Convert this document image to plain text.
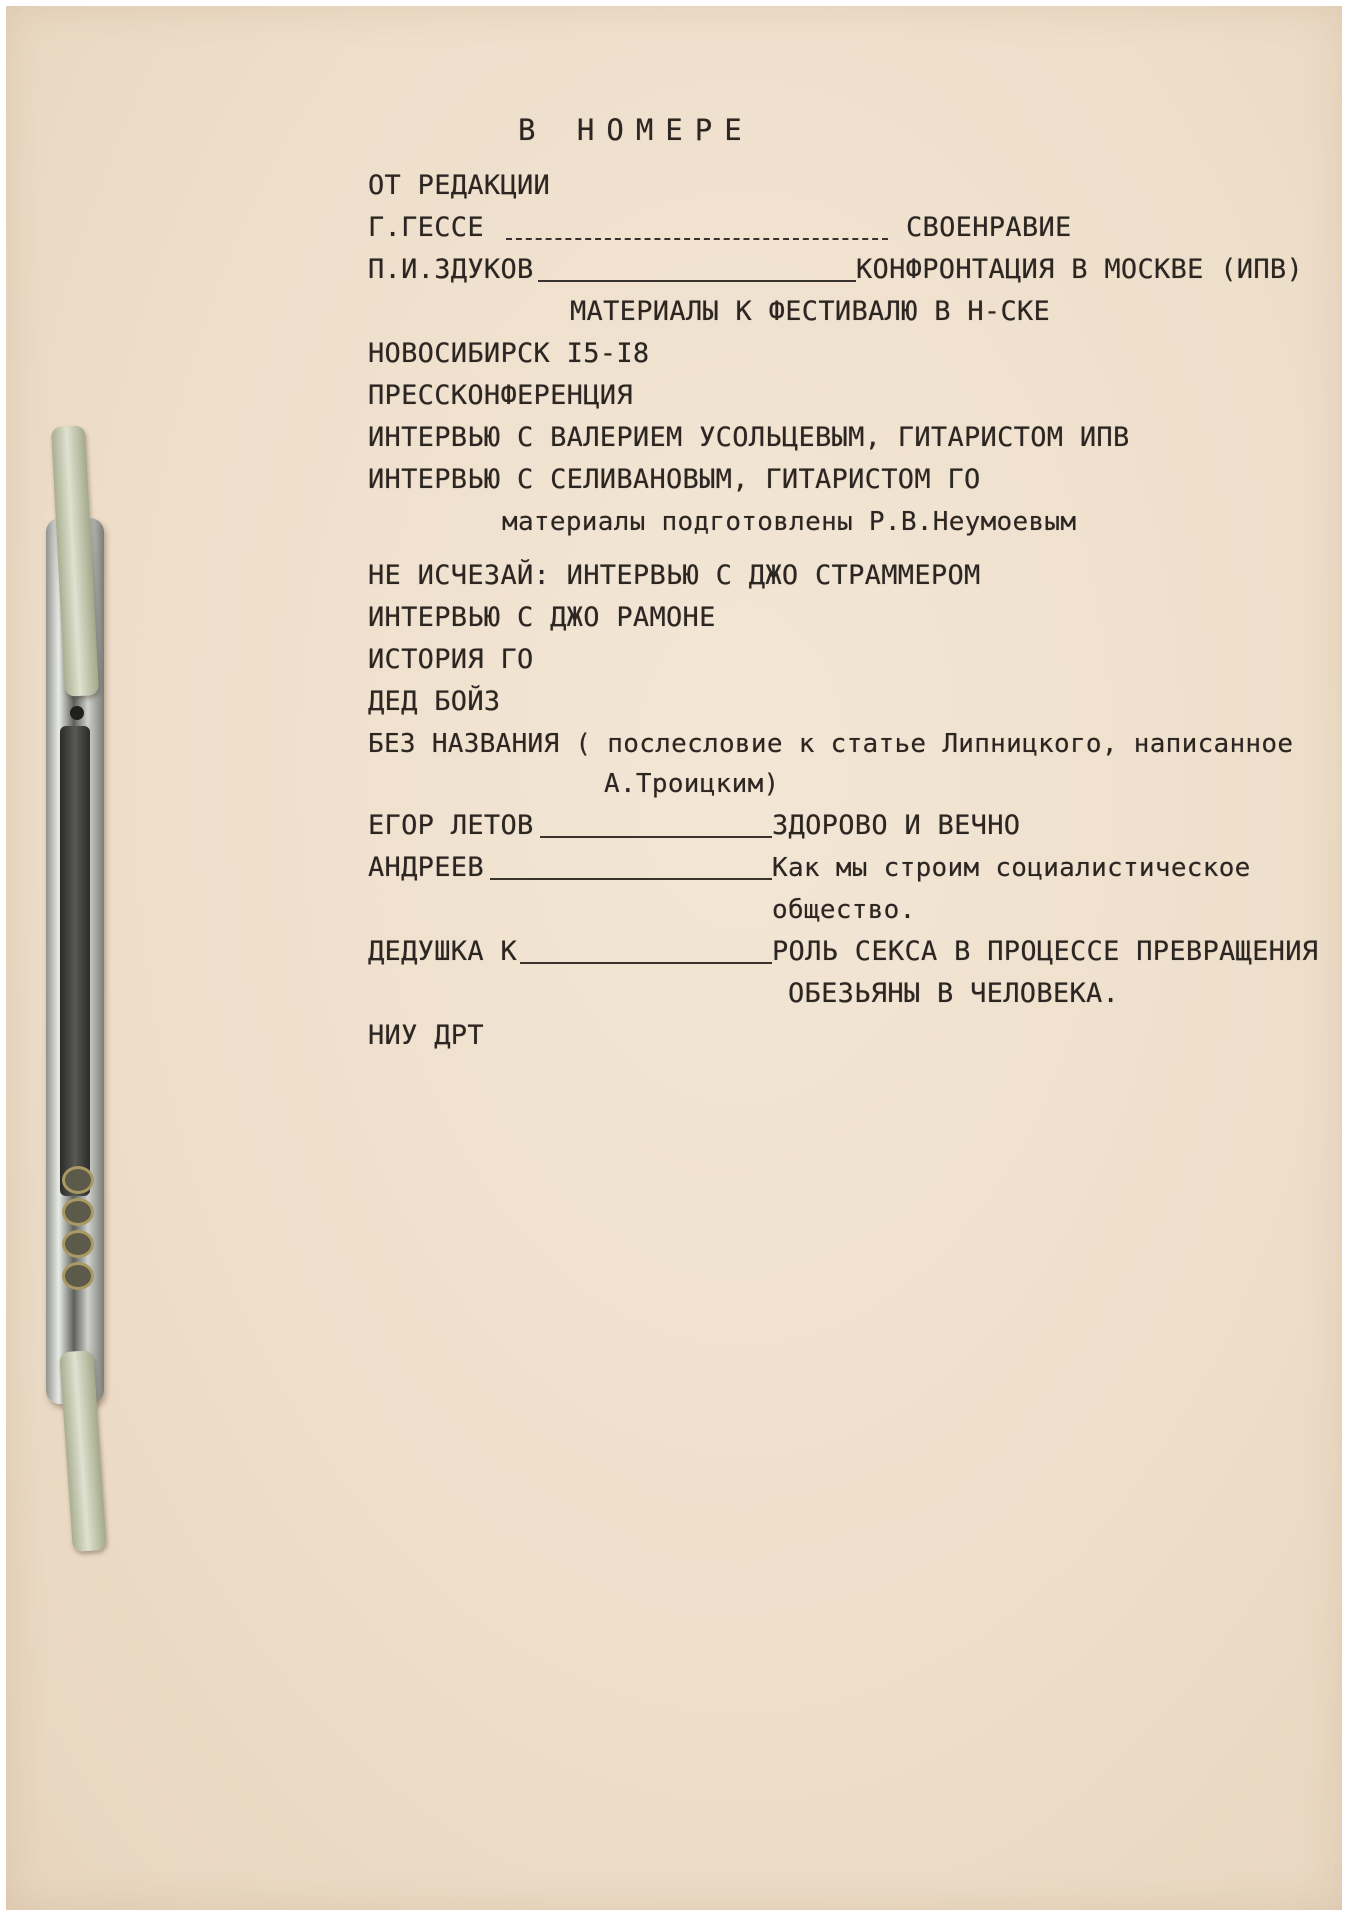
В НОМЕРЕ

ОТ РЕДАКЦИИ

Г.ГЕССЕ	СВОЕНРАВИЕ

П.И.ЗДУКОВ	КОНФРОНТАЦИЯ В МОСКВЕ (ИПВ)

МАТЕРИАЛЫ К ФЕСТИВАЛЮ В Н-СКЕ

НОВОСИБИРСК I5-I8

ПРЕССКОНФЕРЕНЦИЯ

ИНТЕРВЬЮ С ВАЛЕРИЕМ УСОЛЬЦЕВЫМ, ГИТАРИСТОМ ИПВ

ИНТЕРВЬЮ С СЕЛИВАНОВЫМ, ГИТАРИСТОМ ГО

материалы подготовлены Р.В.Неумоевым

НЕ ИСЧЕЗАЙ: ИНТЕРВЬЮ С ДЖО СТРАММЕРОМ

ИНТЕРВЬЮ С ДЖО РАМОНЕ

ИСТОРИЯ ГО

ДЕД БОЙЗ

БЕЗ НАЗВАНИЯ ( послесловие к статье Липницкого, написанное

А.Троицким)

ЕГОР ЛЕТОВ	ЗДОРОВО И ВЕЧНО

АНДРЕЕВ	Как мы строим социалистическое

общество.

ДЕДУШКА К	РОЛЬ СЕКСА В ПРОЦЕССЕ ПРЕВРАЩЕНИЯ

ОБЕЗЬЯНЫ В ЧЕЛОВЕКА.

НИУ ДРТ
